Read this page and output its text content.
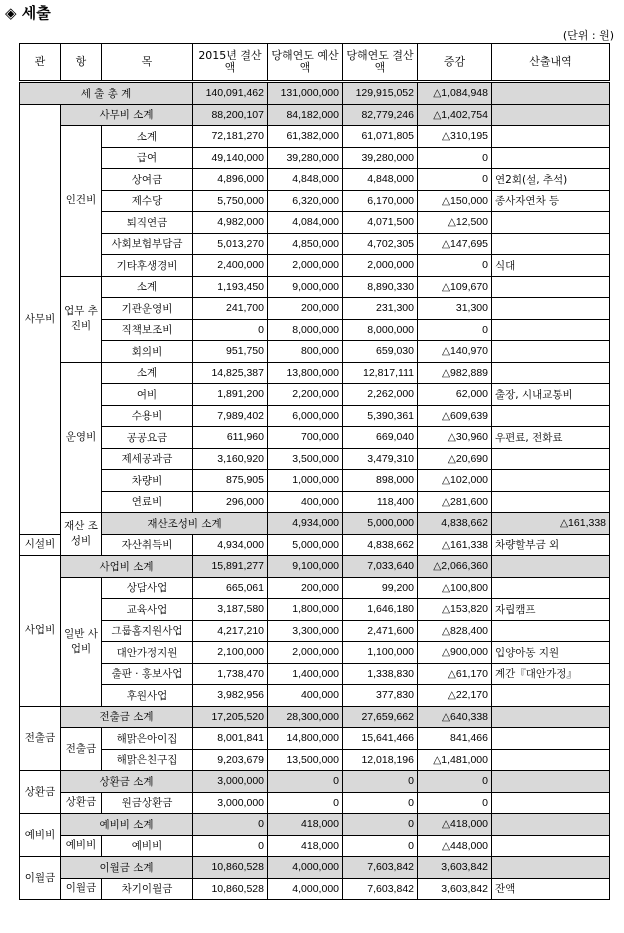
◈ 세출
(단위 : 원)
관	항	목	2015년 결산액	당해연도 예산액	당해연도 결산액	증감	산출내역	
세 출 총 계			140,091,462	131,000,000	129,915,052	△1,084,948		
사무비	사무비 소계		88,200,107	84,182,000	82,779,246	△1,402,754		
	인건비	소계	72,181,270	61,382,000	61,071,805	△310,195		
		급여	49,140,000	39,280,000	39,280,000	0		
		상여금	4,896,000	4,848,000	4,848,000	0	연2회(설, 추석)	
		제수당	5,750,000	6,320,000	6,170,000	△150,000	종사자연차 등	
		퇴직연금	4,982,000	4,084,000	4,071,500	△12,500		
		사회보험부담금	5,013,270	4,850,000	4,702,305	△147,695		
		기타후생경비	2,400,000	2,000,000	2,000,000	0	식대	
	업무 추진비	소계	1,193,450	9,000,000	8,890,330	△109,670		
		기관운영비	241,700	200,000	231,300	31,300		
		직책보조비	0	8,000,000	8,000,000	0		
		회의비	951,750	800,000	659,030	△140,970		
	운영비	소계	14,825,387	13,800,000	12,817,111	△982,889		
		여비	1,891,200	2,200,000	2,262,000	62,000	출장, 시내교통비	
		수용비	7,989,402	6,000,000	5,390,361	△609,639		
		공공요금	611,960	700,000	669,040	△30,960	우편료, 전화료	
		제세공과금	3,160,920	3,500,000	3,479,310	△20,690		
		차량비	875,905	1,000,000	898,000	△102,000		
		연료비	296,000	400,000	118,400	△281,600		
	재산 조성비	재산조성비 소계		4,934,000	5,000,000	4,838,662	△161,338	
시설비		자산취득비	4,934,000	5,000,000	4,838,662	△161,338	차량할부금 외	
사업비	사업비 소계		15,891,277	9,100,000	7,033,640	△2,066,360		
	일반 사업비	상담사업	665,061	200,000	99,200	△100,800		
		교육사업	3,187,580	1,800,000	1,646,180	△153,820	자립캠프	
		그룹홈지원사업	4,217,210	3,300,000	2,471,600	△828,400		
		대안가정지원	2,100,000	2,000,000	1,100,000	△900,000	입양아동 지원	
		출판 · 홍보사업	1,738,470	1,400,000	1,338,830	△61,170	계간『대안가정』	
		후원사업	3,982,956	400,000	377,830	△22,170		
전출금	전출금 소계		17,205,520	28,300,000	27,659,662	△640,338		
	전출금	해맑은아이집	8,001,841	14,800,000	15,641,466	841,466		
		해맑은친구집	9,203,679	13,500,000	12,018,196	△1,481,000		
상환금	상환금 소계		3,000,000	0	0	0		
	상환금	원금상환금	3,000,000	0	0	0		
예비비	예비비 소계		0	418,000	0	△418,000		
	예비비	예비비	0	418,000	0	△448,000		
이월금	이월금 소계		10,860,528	4,000,000	7,603,842	3,603,842		
	이월금	차기이월금	10,860,528	4,000,000	7,603,842	3,603,842	잔액	
